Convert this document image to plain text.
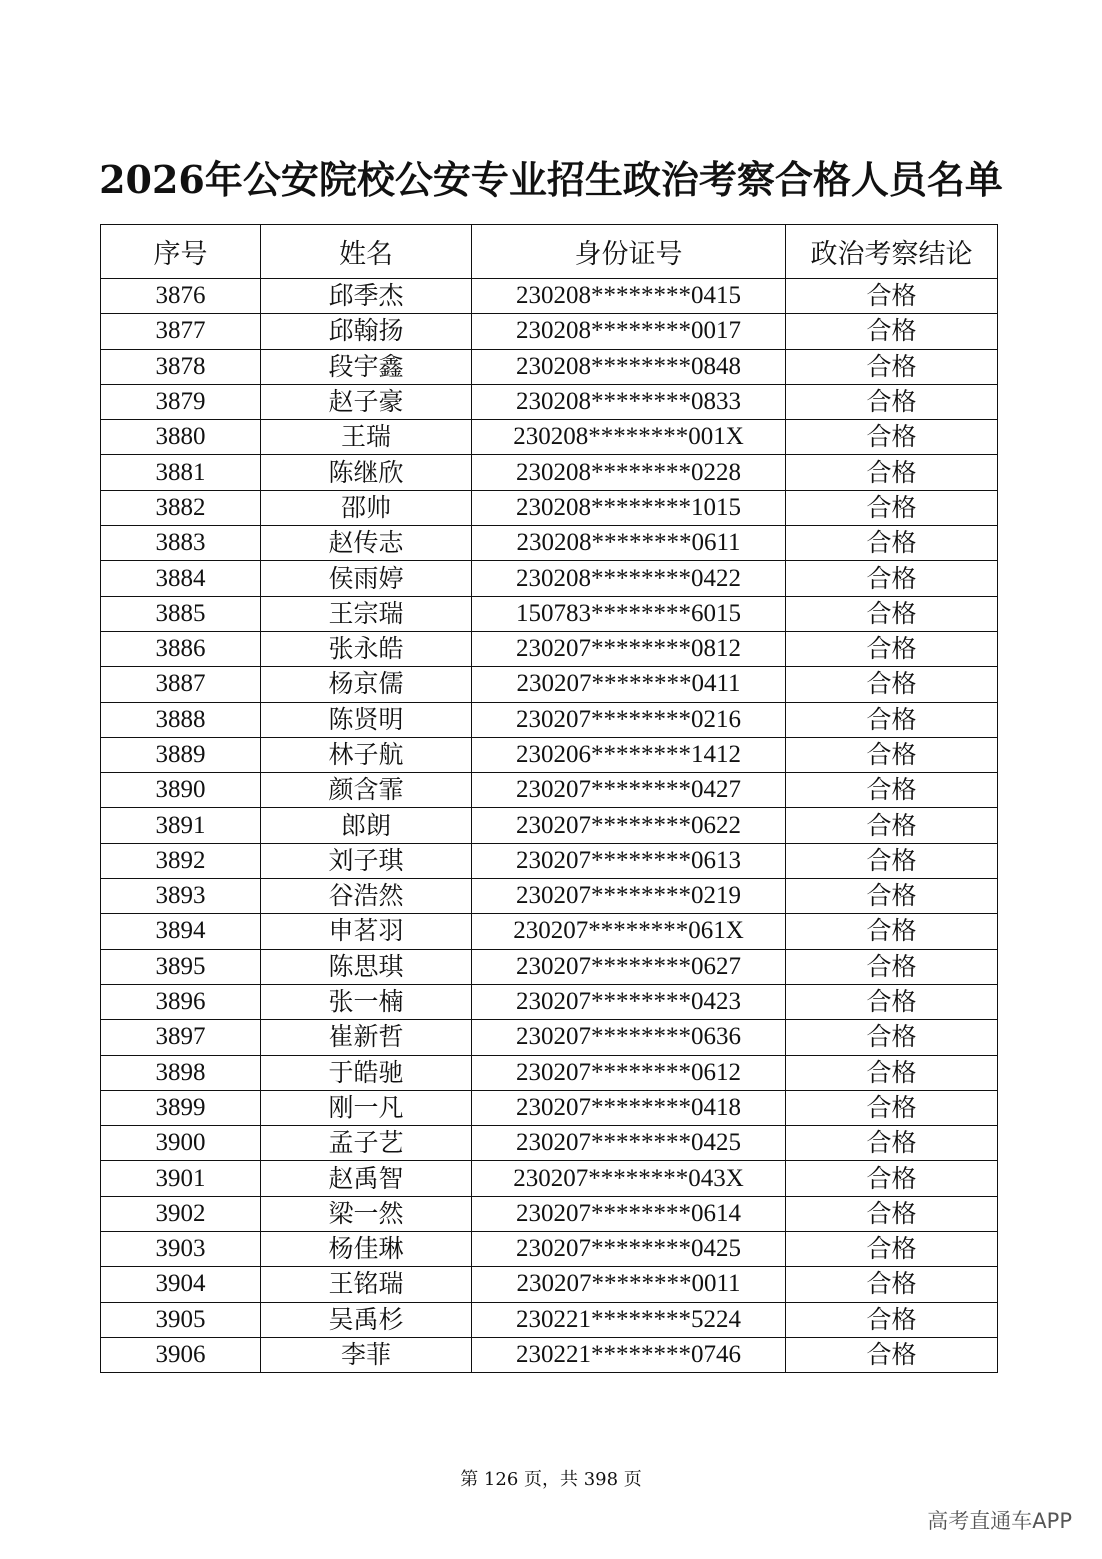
2026年公安院校公安专业招生政治考察合格人员名单
序号	姓名	身份证号	政治考察结论
3876	邱季杰	230208********0415	合格
3877	邱翰扬	230208********0017	合格
3878	段宇鑫	230208********0848	合格
3879	赵子豪	230208********0833	合格
3880	王瑞	230208********001X	合格
3881	陈继欣	230208********0228	合格
3882	邵帅	230208********1015	合格
3883	赵传志	230208********0611	合格
3884	侯雨婷	230208********0422	合格
3885	王宗瑞	150783********6015	合格
3886	张永皓	230207********0812	合格
3887	杨京儒	230207********0411	合格
3888	陈贤明	230207********0216	合格
3889	林子航	230206********1412	合格
3890	颜含霏	230207********0427	合格
3891	郎朗	230207********0622	合格
3892	刘子琪	230207********0613	合格
3893	谷浩然	230207********0219	合格
3894	申茗羽	230207********061X	合格
3895	陈思琪	230207********0627	合格
3896	张一楠	230207********0423	合格
3897	崔新哲	230207********0636	合格
3898	于皓驰	230207********0612	合格
3899	刚一凡	230207********0418	合格
3900	孟子艺	230207********0425	合格
3901	赵禹智	230207********043X	合格
3902	梁一然	230207********0614	合格
3903	杨佳琳	230207********0425	合格
3904	王铭瑞	230207********0011	合格
3905	吴禹杉	230221********5224	合格
3906	李菲	230221********0746	合格
第 126 页，共 398 页
高考直通车APP
